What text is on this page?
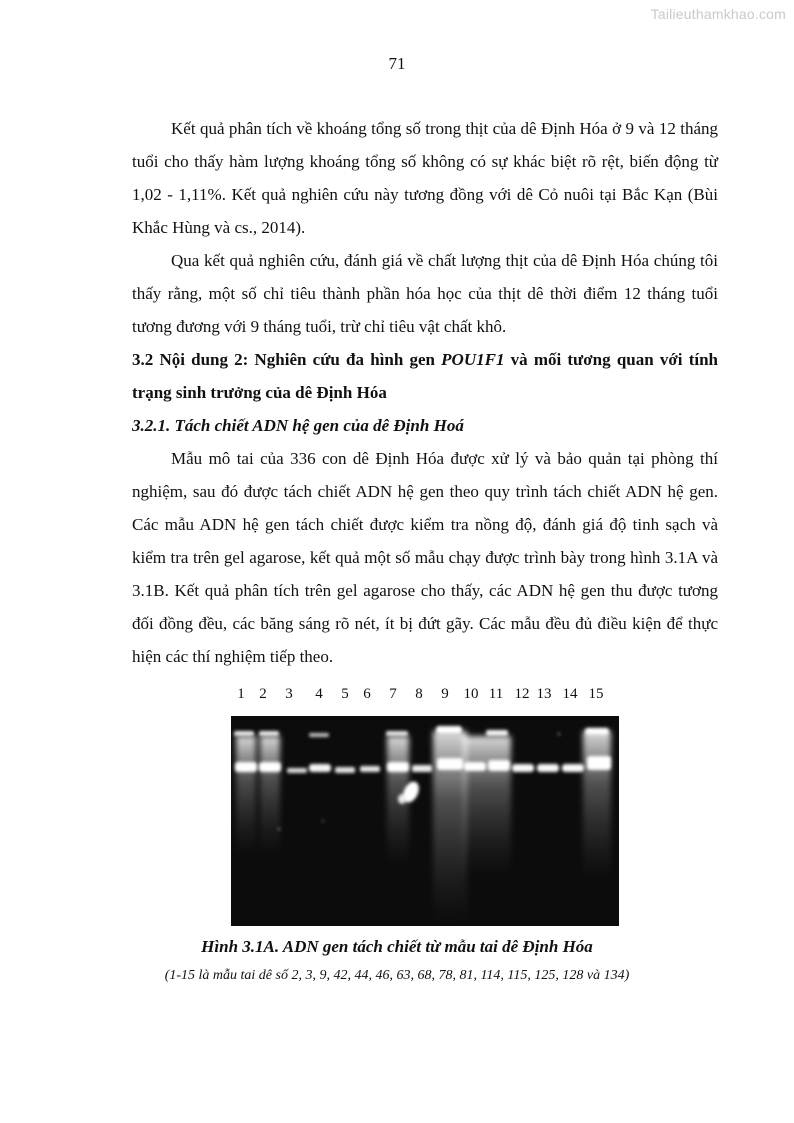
Tailieuthamkhao.com
71

Kết quả phân tích về khoáng tổng số trong thịt của dê Định Hóa ở 9 và 12 tháng tuổi cho thấy hàm lượng khoáng tổng số không có sự khác biệt rõ rệt, biến động từ 1,02 - 1,11%. Kết quả nghiên cứu này tương đồng với dê Cỏ nuôi tại Bắc Kạn (Bùi Khắc Hùng và cs., 2014).

Qua kết quả nghiên cứu, đánh giá về chất lượng thịt của dê Định Hóa chúng tôi thấy rằng, một số chỉ tiêu thành phần hóa học của thịt dê thời điểm 12 tháng tuổi tương đương với 9 tháng tuổi, trừ chỉ tiêu vật chất khô.

3.2 Nội dung 2: Nghiên cứu đa hình gen POU1F1 và mối tương quan với tính trạng sinh trưởng của dê Định Hóa

3.2.1. Tách chiết ADN hệ gen của dê Định Hoá

Mẫu mô tai của 336 con dê Định Hóa được xử lý và bảo quản tại phòng thí nghiệm, sau đó được tách chiết ADN hệ gen theo quy trình tách chiết ADN hệ gen. Các mẫu ADN hệ gen tách chiết được kiểm tra nồng độ, đánh giá độ tinh sạch và kiểm tra trên gel agarose, kết quả một số mẫu chạy được trình bày trong hình 3.1A và 3.1B. Kết quả phân tích trên gel agarose cho thấy, các ADN hệ gen thu được tương đối đồng đều, các băng sáng rõ nét, ít bị đứt gãy. Các mẫu đều đủ điều kiện để thực hiện các thí nghiệm tiếp theo.

1 2 3 4 5 6 7 8 9 10 11 12 13 14 15
Hình 3.1A. ADN gen tách chiết từ mẫu tai dê Định Hóa
(1-15 là mẫu tai dê số 2, 3, 9, 42, 44, 46, 63, 68, 78, 81, 114, 115, 125, 128 và 134)
